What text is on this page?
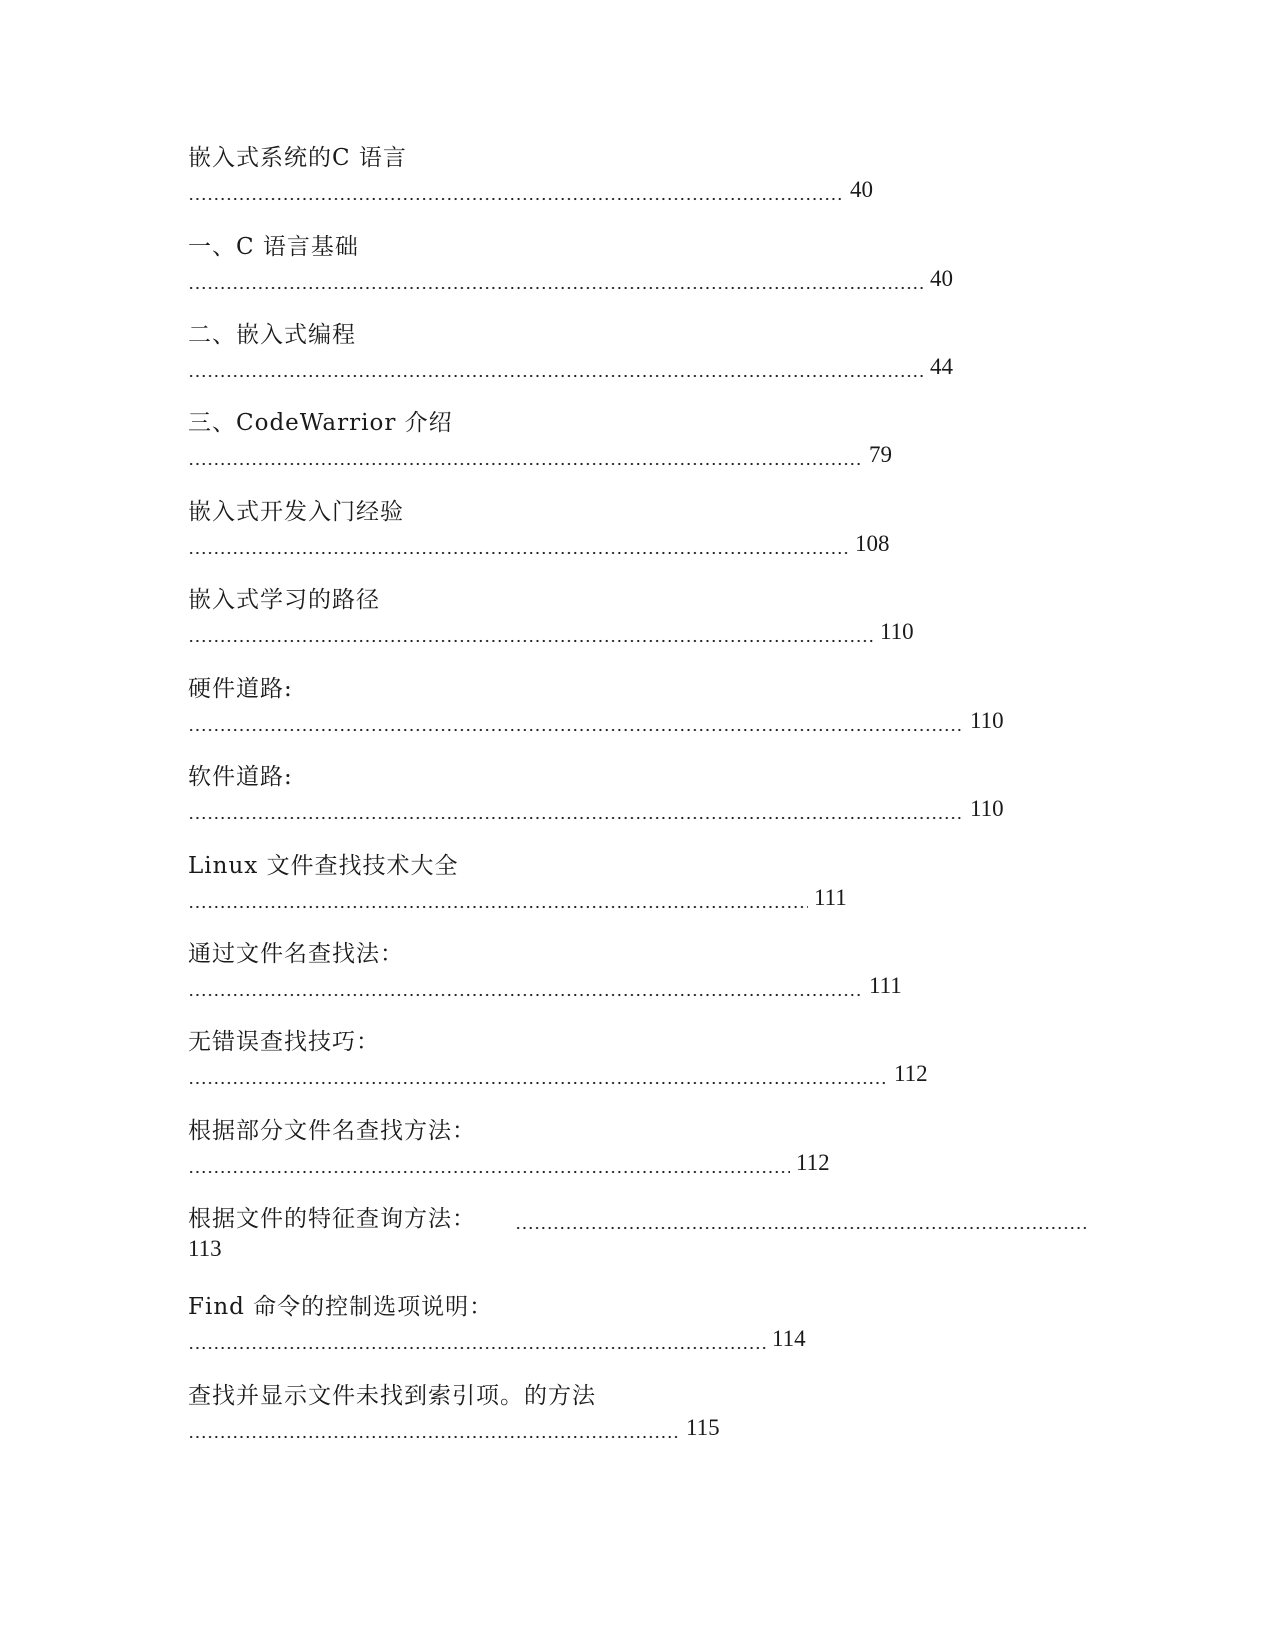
嵌入式系统的C 语言
40
一、C 语言基础
40
二、嵌入式编程
44
三、CodeWarrior 介绍
79
嵌入式开发入门经验
108
嵌入式学习的路径
110
硬件道路:
110
软件道路:
110
Linux 文件查找技术大全
111
通过文件名查找法：
111
无错误查找技巧：
112
根据部分文件名查找方法：
112
根据文件的特征查询方法：
113
Find 命令的控制选项说明：
114
查找并显示文件未找到索引项。的方法
115
